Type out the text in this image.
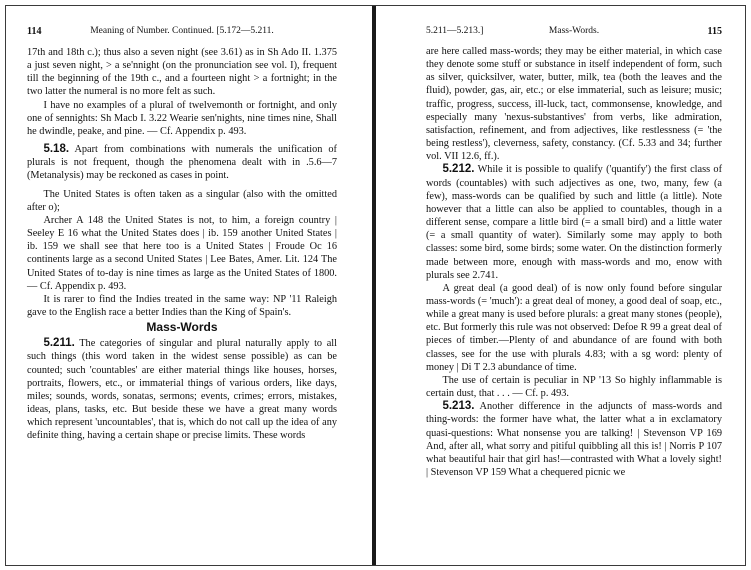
114	Meaning of Number. Continued. [5.172—5.211.

17th and 18th c.); thus also a seven night (see 3.61) as in Sh Ado II. 1.375 a just seven night, > a se'nnight (on the pronunciation see vol. I), frequent till the beginning of the 19th c., and a fourteen night > a fortnight; in the two latter the numeral is no more felt as such.

I have no examples of a plural of twelvemonth or fortnight, and only one of sennights: Sh Macb I. 3.22 Wearie sen'nights, nine times nine, Shall he dwindle, peake, and pine. — Cf. Appendix p. 493.

5.18. Apart from combinations with numerals the unification of plurals is not frequent, though the phenomena dealt with in .5.6—7 (Metanalysis) may be reckoned as cases in point.

The United States is often taken as a singular (also with the omitted after o);

Archer A 148 the United States is not, to him, a foreign country | Seeley E 16 what the United States does | ib. 159 another United States | ib. 159 we shall see that here too is a United States | Froude Oc 16 continents large as a second United States | Lee Bates, Amer. Lit. 124 The United States of to-day is nine times as large as the United States of 1800. — Cf. Appendix p. 493.

It is rarer to find the Indies treated in the same way: NP '11 Raleigh gave to the English race a better Indies than the King of Spain's.

Mass-Words

5.211. The categories of singular and plural naturally apply to all such things (this word taken in the widest sense possible) as can be counted; such 'countables' are either material things like houses, horses, portraits, flowers, etc., or immaterial things of various orders, like days, miles; sounds, words, sonatas, sermons; events, crimes; errors, mistakes, ideas, plans, tasks, etc. But beside these we have a great many words which represent 'uncountables', that is, which do not call up the idea of any definite thing, having a certain shape or precise limits. These words

5.211—5.213.]	Mass-Words.	115

are here called mass-words; they may be either material, in which case they denote some stuff or substance in itself independent of form, such as silver, quicksilver, water, butter, milk, tea (both the leaves and the fluid), powder, gas, air, etc.; or else immaterial, such as leisure; music; traffic, progress, success, ill-luck, tact, commonsense, knowledge, and especially many 'nexus-substantives' from verbs, like admiration, satisfaction, refinement, and from adjectives, like restlessness (= 'the being restless'), cleverness, safety, constancy. (Cf. 5.33 and 34; further vol. VII 12.6, ff.).

5.212. While it is possible to qualify ('quantify') the first class of words (countables) with such adjectives as one, two, many, few (a few), mass-words can be qualified by such and little (a little). Note however that a little can also be applied to countables, though in a different sense, compare a little bird (= a small bird) and a little water (= a small quantity of water). Similarly some may apply to both classes: some bird, some birds; some water. On the distinction formerly made between more, enough with mass-words and mo, enow with plurals see 2.741.

A great deal (a good deal) of is now only found before singular mass-words (= 'much'): a great deal of money, a good deal of soap, etc., while a great many is used before plurals: a great many stones (people), etc. But formerly this rule was not observed: Defoe R 99 a great deal of pieces of timber.—Plenty of and abundance of are found with both classes, see for the use with plurals 4.83; with a sg word: plenty of money | Di T 2.3 abundance of time.

The use of certain is peculiar in NP '13 So highly inflammable is certain dust, that . . . — Cf. p. 493.

5.213. Another difference in the adjuncts of mass-words and thing-words: the former have what, the latter what a in exclamatory quasi-questions: What nonsense you are talking! | Stevenson VP 169 And, after all, what sorry and pitiful quibbling all this is! | Norris P 107 what beautiful hair that girl has!—contrasted with What a lovely sight! | Stevenson VP 159 What a chequered picnic we
